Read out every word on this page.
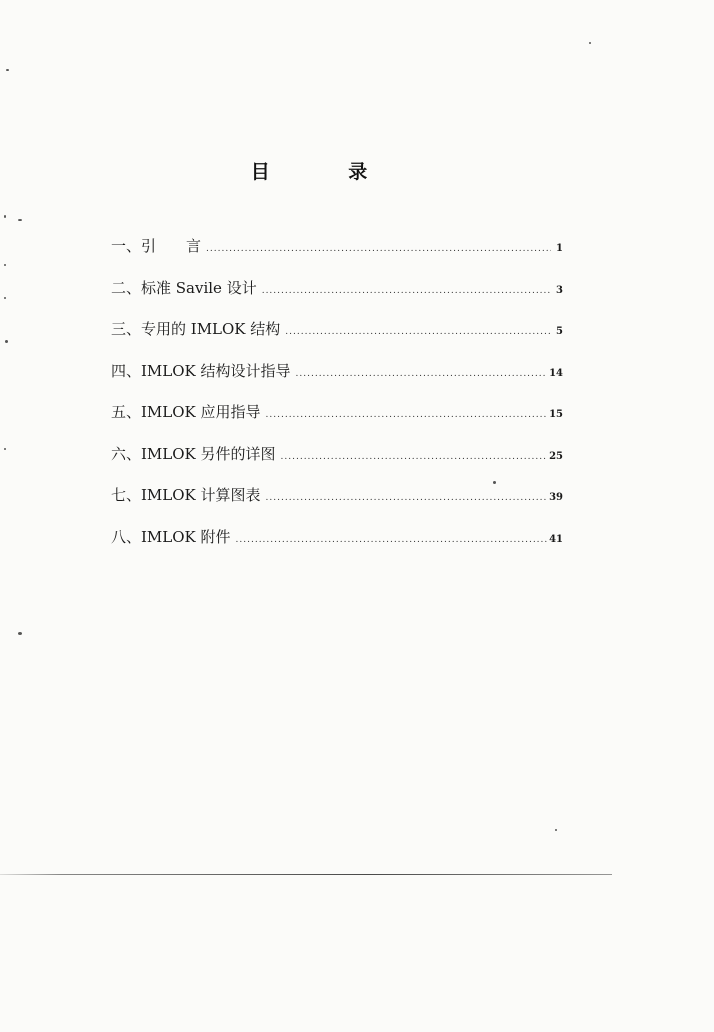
目 录
一、引　　言 .....	1
二、标准 Savile 设计 .....	3
三、专用的 IMLOK 结构 .....	5
四、IMLOK 结构设计指导 .....	14
五、IMLOK 应用指导 .....	15
六、IMLOK 另件的详图 .....	25
七、IMLOK 计算图表 .....	39
八、IMLOK 附件 .....	41
